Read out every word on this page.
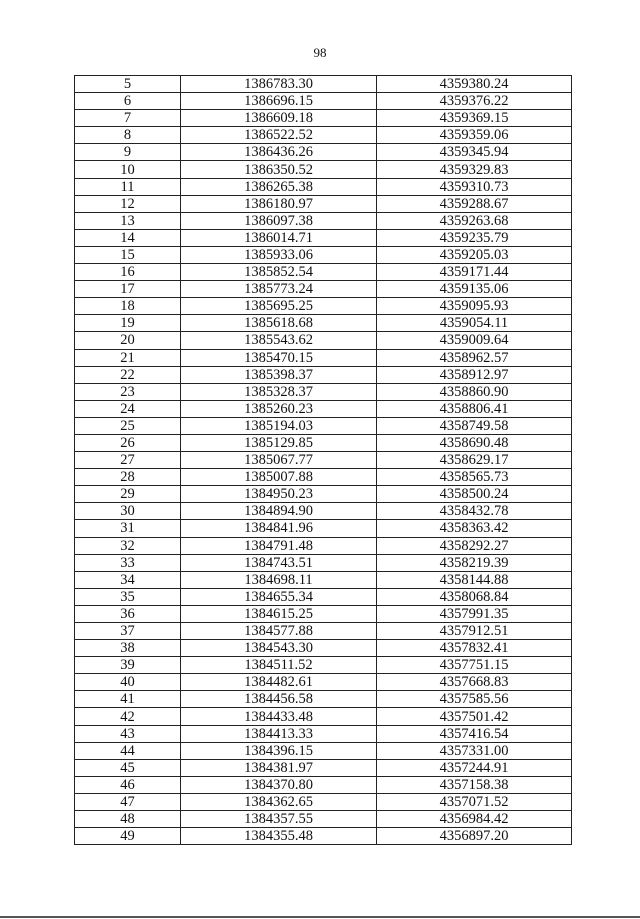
98
5	1386783.30	4359380.24
6	1386696.15	4359376.22
7	1386609.18	4359369.15
8	1386522.52	4359359.06
9	1386436.26	4359345.94
10	1386350.52	4359329.83
11	1386265.38	4359310.73
12	1386180.97	4359288.67
13	1386097.38	4359263.68
14	1386014.71	4359235.79
15	1385933.06	4359205.03
16	1385852.54	4359171.44
17	1385773.24	4359135.06
18	1385695.25	4359095.93
19	1385618.68	4359054.11
20	1385543.62	4359009.64
21	1385470.15	4358962.57
22	1385398.37	4358912.97
23	1385328.37	4358860.90
24	1385260.23	4358806.41
25	1385194.03	4358749.58
26	1385129.85	4358690.48
27	1385067.77	4358629.17
28	1385007.88	4358565.73
29	1384950.23	4358500.24
30	1384894.90	4358432.78
31	1384841.96	4358363.42
32	1384791.48	4358292.27
33	1384743.51	4358219.39
34	1384698.11	4358144.88
35	1384655.34	4358068.84
36	1384615.25	4357991.35
37	1384577.88	4357912.51
38	1384543.30	4357832.41
39	1384511.52	4357751.15
40	1384482.61	4357668.83
41	1384456.58	4357585.56
42	1384433.48	4357501.42
43	1384413.33	4357416.54
44	1384396.15	4357331.00
45	1384381.97	4357244.91
46	1384370.80	4357158.38
47	1384362.65	4357071.52
48	1384357.55	4356984.42
49	1384355.48	4356897.20
